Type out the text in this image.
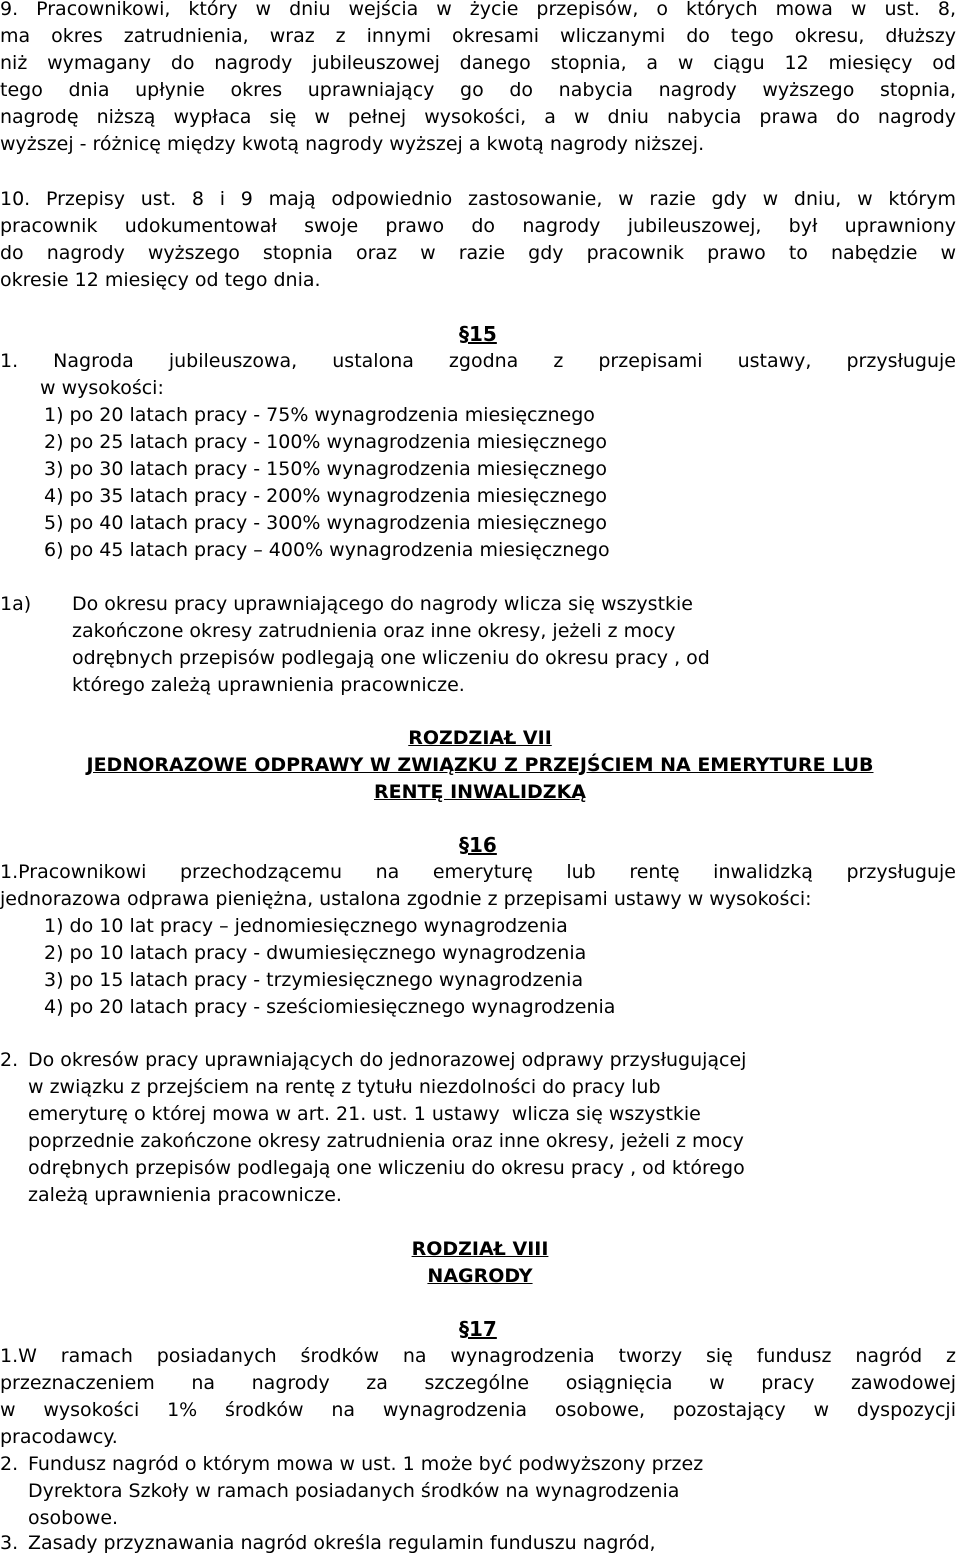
9. Pracownikowi, który w dniu wejścia w życie przepisów, o których mowa w ust. 8,
ma okres zatrudnienia, wraz z innymi okresami wliczanymi do tego okresu, dłuższy
niż wymagany do nagrody jubileuszowej danego stopnia, a w ciągu 12 miesięcy od
tego dnia upłynie okres uprawniający go do nabycia nagrody wyższego stopnia,
nagrodę niższą wypłaca się w pełnej wysokości, a w dniu nabycia prawa do nagrody
wyższej - różnicę między kwotą nagrody wyższej a kwotą nagrody niższej.
10. Przepisy ust. 8 i 9 mają odpowiednio zastosowanie, w razie gdy w dniu, w którym
pracownik udokumentował swoje prawo do nagrody jubileuszowej, był uprawniony
do nagrody wyższego stopnia oraz w razie gdy pracownik prawo to nabędzie w
okresie 12 miesięcy od tego dnia.
§15
1. Nagroda jubileuszowa, ustalona zgodna z przepisami ustawy, przysługuje
w wysokości:
1) po 20 latach pracy - 75% wynagrodzenia miesięcznego
2) po 25 latach pracy - 100% wynagrodzenia miesięcznego
3) po 30 latach pracy - 150% wynagrodzenia miesięcznego
4) po 35 latach pracy - 200% wynagrodzenia miesięcznego
5) po 40 latach pracy - 300% wynagrodzenia miesięcznego
6) po 45 latach pracy – 400% wynagrodzenia miesięcznego
1a) Do okresu pracy uprawniającego do nagrody wlicza się wszystkie
zakończone okresy zatrudnienia oraz inne okresy, jeżeli z mocy
odrębnych przepisów podlegają one wliczeniu do okresu pracy , od
którego zależą uprawnienia pracownicze.
ROZDZIAŁ VII
JEDNORAZOWE ODPRAWY W ZWIĄZKU Z PRZEJŚCIEM NA EMERYTURE LUB
RENTĘ INWALIDZKĄ
§16
1.Pracownikowi przechodzącemu na emeryturę lub rentę inwalidzką przysługuje
jednorazowa odprawa pieniężna, ustalona zgodnie z przepisami ustawy w wysokości:
1) do 10 lat pracy – jednomiesięcznego wynagrodzenia
2) po 10 latach pracy - dwumiesięcznego wynagrodzenia
3) po 15 latach pracy - trzymiesięcznego wynagrodzenia
4) po 20 latach pracy - sześciomiesięcznego wynagrodzenia
2. Do okresów pracy uprawniających do jednorazowej odprawy przysługującej
w związku z przejściem na rentę z tytułu niezdolności do pracy lub
emeryturę o której mowa w art. 21. ust. 1 ustawy  wlicza się wszystkie
poprzednie zakończone okresy zatrudnienia oraz inne okresy, jeżeli z mocy
odrębnych przepisów podlegają one wliczeniu do okresu pracy , od którego
zależą uprawnienia pracownicze.
RODZIAŁ VIII
NAGRODY
§17
1.W ramach posiadanych środków na wynagrodzenia tworzy się fundusz nagród z
przeznaczeniem na nagrody za szczególne osiągnięcia w pracy zawodowej
w wysokości 1% środków na wynagrodzenia osobowe, pozostający w dyspozycji
pracodawcy.
2. Fundusz nagród o którym mowa w ust. 1 może być podwyższony przez
Dyrektora Szkoły w ramach posiadanych środków na wynagrodzenia
osobowe.
3. Zasady przyznawania nagród określa regulamin funduszu nagród,
